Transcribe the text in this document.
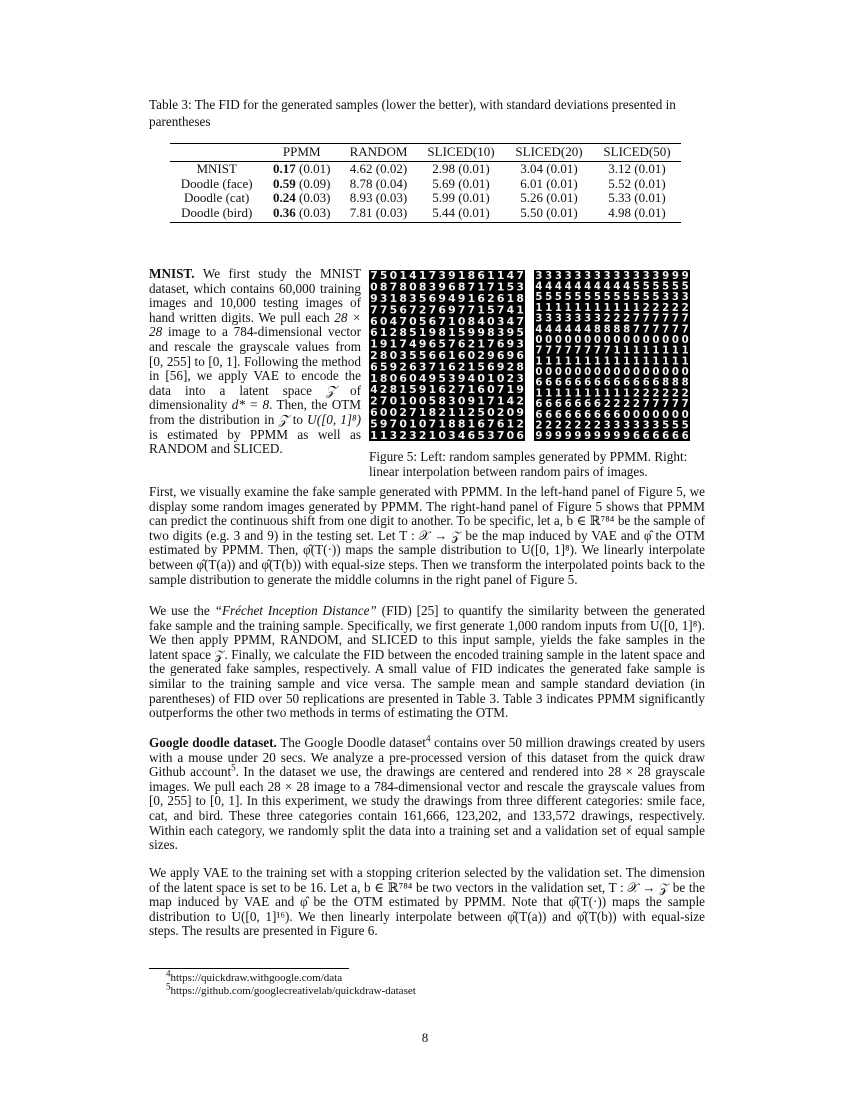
Table 3: The FID for the generated samples (lower the better), with standard deviations presented in parentheses
	PPMM	RANDOM	SLICED(10)	SLICED(20)	SLICED(50)
MNIST	0.17 (0.01)	4.62 (0.02)	2.98 (0.01)	3.04 (0.01)	3.12 (0.01)
Doodle (face)	0.59 (0.09)	8.78 (0.04)	5.69 (0.01)	6.01 (0.01)	5.52 (0.01)
Doodle (cat)	0.24 (0.03)	8.93 (0.03)	5.99 (0.01)	5.26 (0.01)	5.33 (0.01)
Doodle (bird)	0.36 (0.03)	7.81 (0.03)	5.44 (0.01)	5.50 (0.01)	4.98 (0.01)
MNIST. We first study the MNIST dataset, which contains 60,000 training images and 10,000 testing images of hand written digits. We pull each 28 × 28 image to a 784-dimensional vector and rescale the grayscale values from [0, 255] to [0, 1]. Following the method in [56], we apply VAE to encode the data into a latent space 𝒵 of dimensionality d* = 8. Then, the OTM from the distribution in 𝒵 to U([0, 1]⁸) is estimated by PPMM as well as RANDOM and SLICED.
7 5 0 1 4 1 7 3 9 1 8 6 1 1 4 7
0 8 7 8 0 8 3 9 6 8 7 1 7 1 5 3
9 3 1 8 3 5 6 9 4 9 1 6 2 6 1 8
7 7 5 6 7 2 7 6 9 7 7 1 5 7 4 1
6 0 4 7 0 5 6 7 1 0 8 4 0 3 4 7
6 1 2 8 5 1 9 8 1 5 9 9 8 3 9 5
1 9 1 7 4 9 6 5 7 6 2 1 7 6 9 3
2 8 0 3 5 5 6 6 1 6 0 2 9 6 9 6
6 5 9 2 6 3 7 1 6 2 1 5 6 9 2 8
1 8 0 6 0 4 9 5 3 9 4 0 1 0 2 3
4 2 8 1 5 9 1 6 2 7 1 6 0 7 1 9
2 7 0 1 0 0 5 8 3 0 9 1 7 1 4 2
6 0 0 2 7 1 8 2 1 1 2 5 0 2 0 9
5 9 7 0 1 0 7 1 8 8 1 6 7 6 1 2
1 1 3 2 3 2 1 0 3 4 6 5 3 7 0 6
3 3 3 3 3 3 3 3 3 3 3 3 3 9 9 9
4 4 4 4 4 4 4 4 4 4 5 5 5 5 5 5
5 5 5 5 5 5 5 5 5 5 5 5 5 3 3 3
1 1 1 1 1 1 1 1 1 1 1 2 2 2 2 2
3 3 3 3 3 3 3 2 2 2 7 7 7 7 7 7
4 4 4 4 4 4 8 8 8 8 7 7 7 7 7 7
0 0 0 0 0 0 0 0 0 0 0 0 0 0 0 0
7 7 7 7 7 7 7 7 1 1 1 1 1 1 1 1
1 1 1 1 1 1 1 1 1 1 1 1 1 1 1 1
0 0 0 0 0 0 0 0 0 0 0 0 0 0 0 0
6 6 6 6 6 6 6 6 6 6 6 6 6 8 8 8
1 1 1 1 1 1 1 1 1 1 2 2 2 2 2 2
6 6 6 6 6 6 6 2 2 2 2 7 7 7 7 7
6 6 6 6 6 6 6 6 6 0 0 0 0 0 0 0
2 2 2 2 2 2 2 3 3 3 3 3 3 5 5 5
9 9 9 9 9 9 9 9 9 9 6 6 6 6 6 6
Figure 5: Left: random samples generated by PPMM. Right: linear interpolation between random pairs of images.
First, we visually examine the fake sample generated with PPMM. In the left-hand panel of Figure 5, we display some random images generated by PPMM. The right-hand panel of Figure 5 shows that PPMM can predict the continuous shift from one digit to another. To be specific, let a, b ∈ ℝ⁷⁸⁴ be the sample of two digits (e.g. 3 and 9) in the testing set. Let T : 𝒳 → 𝒵 be the map induced by VAE and φ̂ the OTM estimated by PPMM. Then, φ̂(T(·)) maps the sample distribution to U([0, 1]⁸). We linearly interpolate between φ̂(T(a)) and φ̂(T(b)) with equal-size steps. Then we transform the interpolated points back to the sample distribution to generate the middle columns in the right panel of Figure 5.
We use the “Fréchet Inception Distance” (FID) [25] to quantify the similarity between the generated fake sample and the training sample. Specifically, we first generate 1,000 random inputs from U([0, 1]⁸). We then apply PPMM, RANDOM, and SLICED to this input sample, yields the fake samples in the latent space 𝒵. Finally, we calculate the FID between the encoded training sample in the latent space and the generated fake samples, respectively. A small value of FID indicates the generated fake sample is similar to the training sample and vice versa. The sample mean and sample standard deviation (in parentheses) of FID over 50 replications are presented in Table 3. Table 3 indicates PPMM significantly outperforms the other two methods in terms of estimating the OTM.
Google doodle dataset. The Google Doodle dataset$^4$ contains over 50 million drawings created by users with a mouse under 20 secs. We analyze a pre-processed version of this dataset from the quick draw Github account$^5$. In the dataset we use, the drawings are centered and rendered into 28 × 28 grayscale images. We pull each 28 × 28 image to a 784-dimensional vector and rescale the grayscale values from [0, 255] to [0, 1]. In this experiment, we study the drawings from three different categories: smile face, cat, and bird. These three categories contain 161,666, 123,202, and 133,572 drawings, respectively. Within each category, we randomly split the data into a training set and a validation set of equal sample sizes.
We apply VAE to the training set with a stopping criterion selected by the validation set. The dimension of the latent space is set to be 16. Let a, b ∈ ℝ⁷⁸⁴ be two vectors in the validation set, T : 𝒳 → 𝒵 be the map induced by VAE and φ̂ be the OTM estimated by PPMM. Note that φ̂(T(·)) maps the sample distribution to U([0, 1]¹⁶). We then linearly interpolate between φ̂(T(a)) and φ̂(T(b)) with equal-size steps. The results are presented in Figure 6.
$^4$https://quickdraw.withgoogle.com/data
$^5$https://github.com/googlecreativelab/quickdraw-dataset
8
